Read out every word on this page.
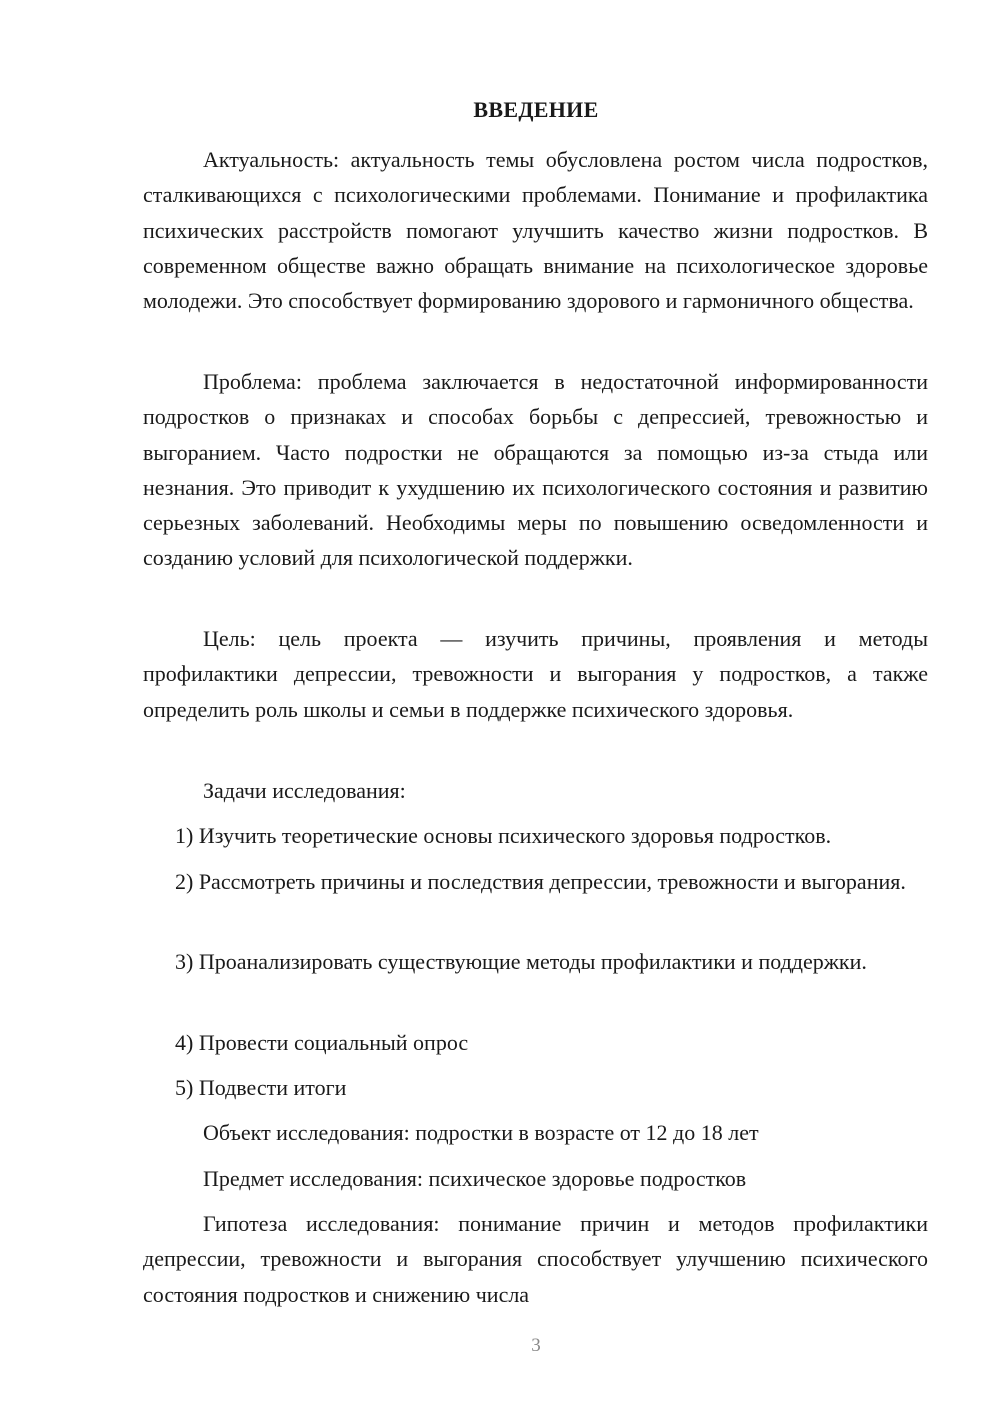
ВВЕДЕНИЕ

Актуальность: актуальность темы обусловлена ростом числа подростков, сталкивающихся с психологическими проблемами. Понимание и профилактика психических расстройств помогают улучшить качество жизни подростков. В современном обществе важно обращать внимание на психологическое здоровье молодежи. Это способствует формированию здорового и гармоничного общества.

Проблема: проблема заключается в недостаточной информированности подростков о признаках и способах борьбы с депрессией, тревожностью и выгоранием. Часто подростки не обращаются за помощью из-за стыда или незнания. Это приводит к ухудшению их психологического состояния и развитию серьезных заболеваний. Необходимы меры по повышению осведомленности и созданию условий для психологической поддержки.

Цель: цель проекта — изучить причины, проявления и методы профилактики депрессии, тревожности и выгорания у подростков, а также определить роль школы и семьи в поддержке психического здоровья.

Задачи исследования:

1) Изучить теоретические основы психического здоровья подростков.

2) Рассмотреть причины и последствия депрессии, тревожности и выгорания.

3) Проанализировать существующие методы профилактики и поддержки.

4) Провести социальный опрос

5) Подвести итоги

Объект исследования: подростки в возрасте от 12 до 18 лет

Предмет исследования: психическое здоровье подростков

Гипотеза исследования: понимание причин и методов профилактики депрессии, тревожности и выгорания способствует улучшению психического состояния подростков и снижению числа

3
